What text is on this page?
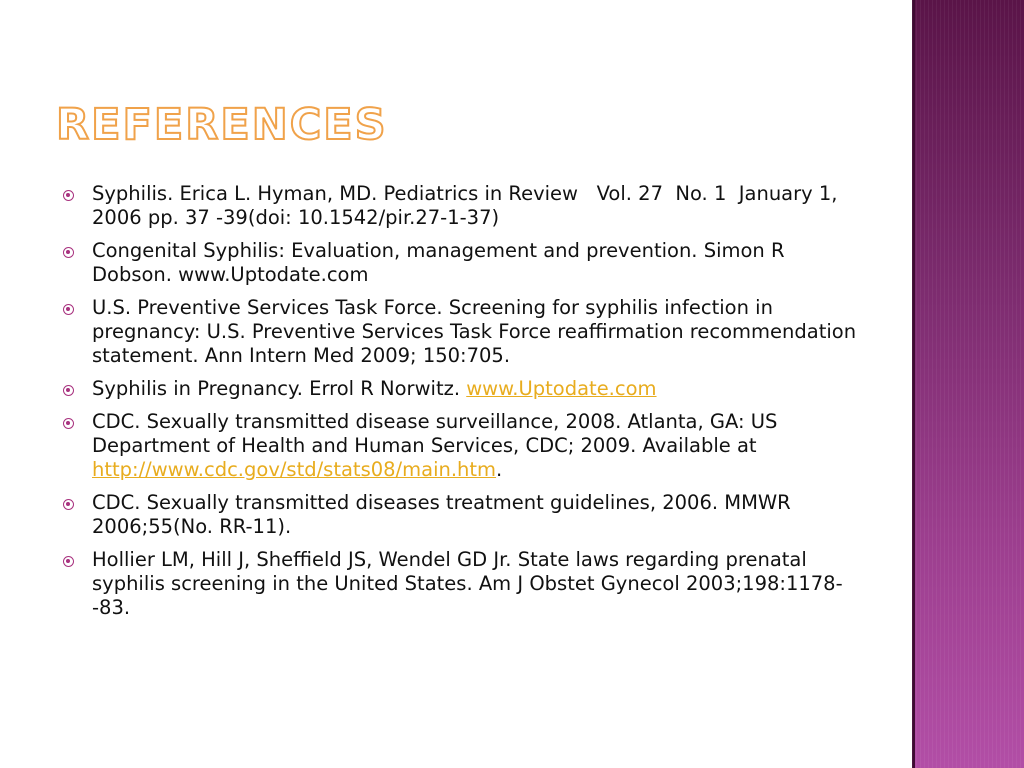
REFERENCES
Syphilis. Erica L. Hyman, MD. Pediatrics in Review   Vol. 27  No. 1  January 1, 2006 pp. 37 -39(doi: 10.1542/pir.27-1-37)
Congenital Syphilis: Evaluation, management and prevention. Simon R Dobson. www.Uptodate.com
U.S. Preventive Services Task Force. Screening for syphilis infection in pregnancy: U.S. Preventive Services Task Force reaffirmation recommendation statement. Ann Intern Med 2009; 150:705.
Syphilis in Pregnancy. Errol R Norwitz. www.Uptodate.com
CDC. Sexually transmitted disease surveillance, 2008. Atlanta, GA: US Department of Health and Human Services, CDC; 2009. Available at http://www.cdc.gov/std/stats08/main.htm.
CDC. Sexually transmitted diseases treatment guidelines, 2006. MMWR 2006;55(No. RR-11).
Hollier LM, Hill J, Sheffield JS, Wendel GD Jr. State laws regarding prenatal syphilis screening in the United States. Am J Obstet Gynecol 2003;198:1178--83.
